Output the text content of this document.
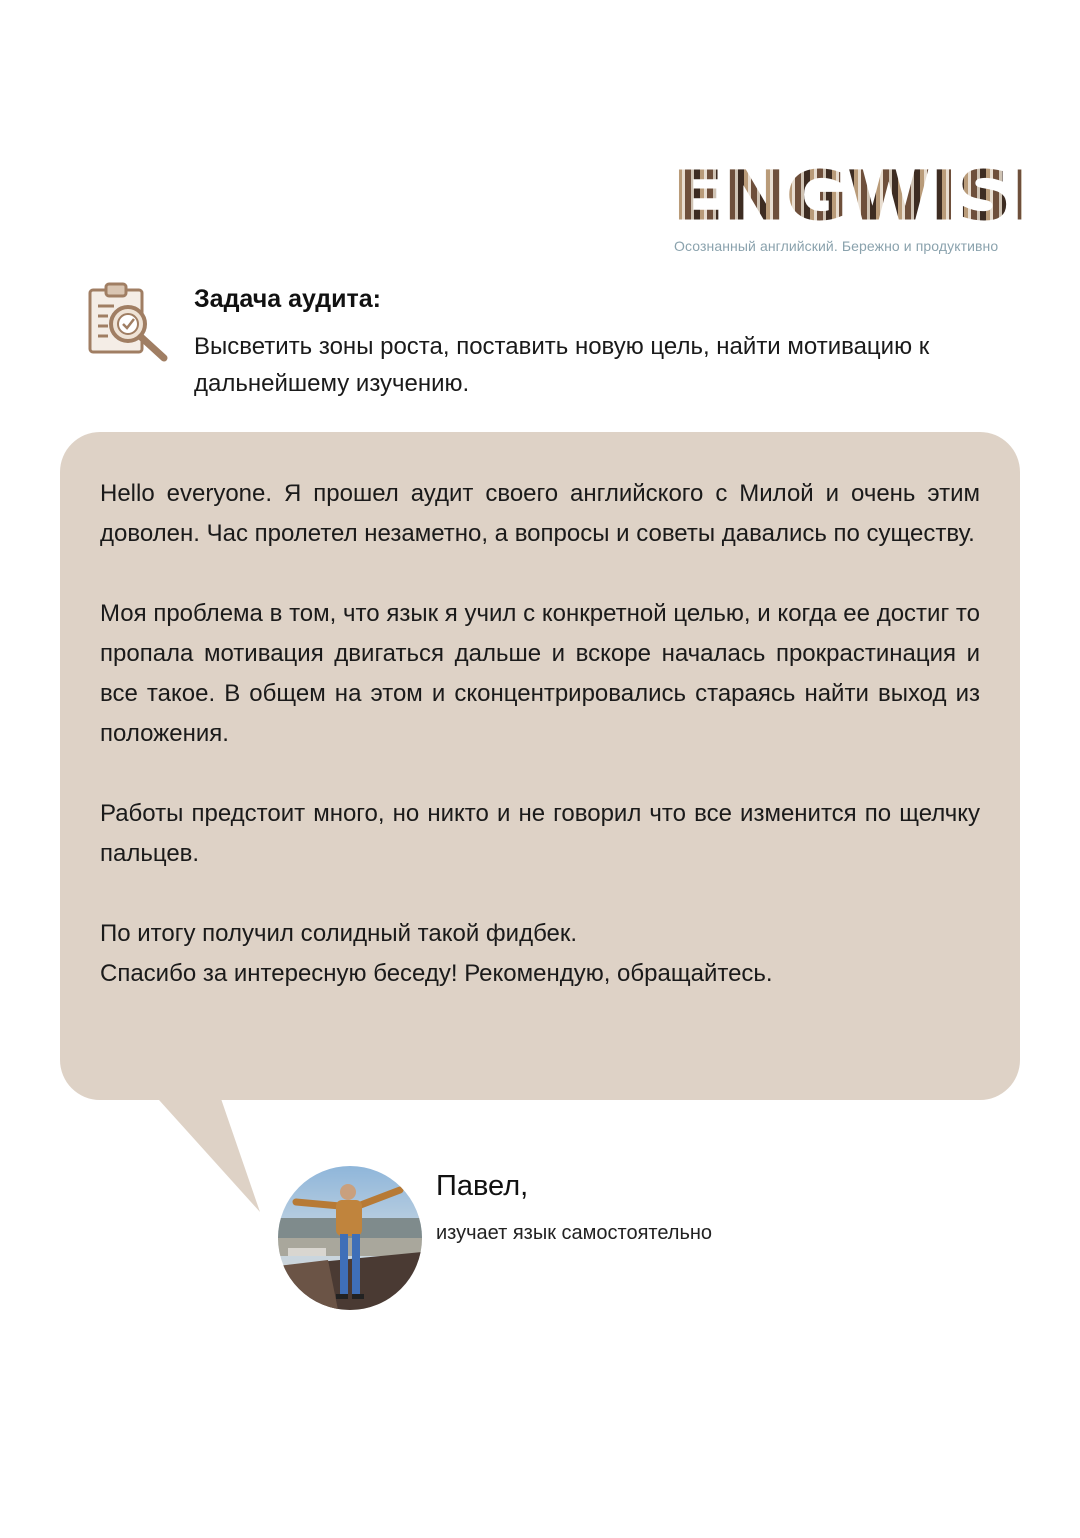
ENGWISE
Осознанный английский. Бережно и продуктивно
Задача аудита:
Высветить зоны роста, поставить новую цель, найти мотивацию к дальнейшему изучению.

Hello everyone. Я прошел аудит своего английского с Милой и очень этим доволен. Час пролетел незаметно, а вопросы и советы давались по существу.

Моя проблема в том, что язык я учил с конкретной целью, и когда ее достиг то пропала мотивация двигаться дальше и вскоре началась прокрастинация и все такое. В общем на этом и сконцентрировались стараясь найти выход из положения.

Работы предстоит много, но никто и не говорил что все изменится по щелчку пальцев.

По итогу получил солидный такой фидбек.
Спасибо за интересную беседу! Рекомендую, обращайтесь.

Павел,
изучает язык самостоятельно
